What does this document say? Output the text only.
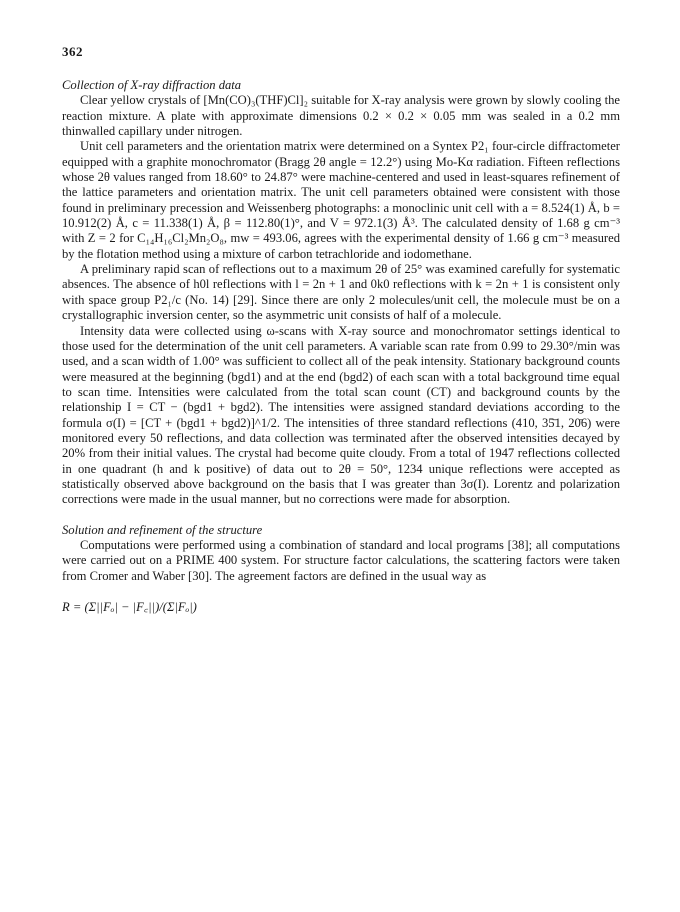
362

Collection of X-ray diffraction data

Clear yellow crystals of [Mn(CO)₃(THF)Cl]₂ suitable for X-ray analysis were grown by slowly cooling the reaction mixture. A plate with approximate dimensions 0.2 × 0.2 × 0.05 mm was sealed in a 0.2 mm thinwalled capillary under nitrogen.

Unit cell parameters and the orientation matrix were determined on a Syntex P2₁ four-circle diffractometer equipped with a graphite monochromator (Bragg 2θ angle = 12.2°) using Mo-Kα radiation. Fifteen reflections whose 2θ values ranged from 18.60° to 24.87° were machine-centered and used in least-squares refinement of the lattice parameters and orientation matrix. The unit cell parameters obtained were consistent with those found in preliminary precession and Weissenberg photographs: a monoclinic unit cell with a = 8.524(1) Å, b = 10.912(2) Å, c = 11.338(1) Å, β = 112.80(1)°, and V = 972.1(3) Å³. The calculated density of 1.68 g cm⁻³ with Z = 2 for C₁₄H₁₆Cl₂Mn₂O₈, mw = 493.06, agrees with the experimental density of 1.66 g cm⁻³ measured by the flotation method using a mixture of carbon tetrachloride and iodomethane.

A preliminary rapid scan of reflections out to a maximum 2θ of 25° was examined carefully for systematic absences. The absence of h0l reflections with l = 2n + 1 and 0k0 reflections with k = 2n + 1 is consistent only with space group P2₁/c (No. 14) [29]. Since there are only 2 molecules/unit cell, the molecule must be on a crystallographic inversion center, so the asymmetric unit consists of half of a molecule.

Intensity data were collected using ω-scans with X-ray source and monochromator settings identical to those used for the determination of the unit cell parameters. A variable scan rate from 0.99 to 29.30°/min was used, and a scan width of 1.00° was sufficient to collect all of the peak intensity. Stationary background counts were measured at the beginning (bgd1) and at the end (bgd2) of each scan with a total background time equal to scan time. Intensities were calculated from the total scan count (CT) and background counts by the relationship I = CT − (bgd1 + bgd2). The intensities were assigned standard deviations according to the formula σ(I) = [CT + (bgd1 + bgd2)]^1/2. The intensities of three standard reflections (410, 35̄1, 20̄6) were monitored every 50 reflections, and data collection was terminated after the observed intensities decayed by 20% from their initial values. The crystal had become quite cloudy. From a total of 1947 reflections collected in one quadrant (h and k positive) of data out to 2θ = 50°, 1234 unique reflections were accepted as statistically observed above background on the basis that I was greater than 3σ(I). Lorentz and polarization corrections were made in the usual manner, but no corrections were made for absorption.

Solution and refinement of the structure

Computations were performed using a combination of standard and local programs [38]; all computations were carried out on a PRIME 400 system. For structure factor calculations, the scattering factors were taken from Cromer and Waber [30]. The agreement factors are defined in the usual way as

R = (Σ||Fₒ| − |F꜀||)/(Σ|Fₒ|)
